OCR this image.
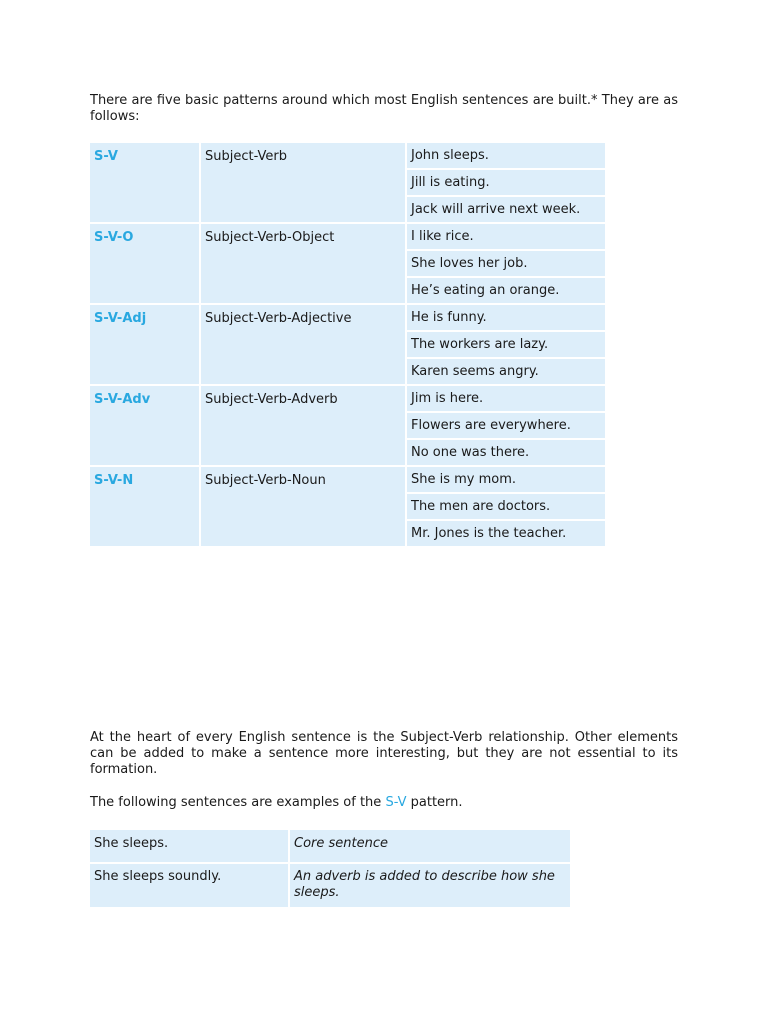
There are five basic patterns around which most English sentences are built.* They are as follows:

S-V	Subject-Verb	John sleeps.
Jill is eating.
Jack will arrive next week.

S-V-O	Subject-Verb-Object	I like rice.
She loves her job.
He’s eating an orange.

S-V-Adj	Subject-Verb-Adjective	He is funny.
The workers are lazy.
Karen seems angry.

S-V-Adv	Subject-Verb-Adverb	Jim is here.
Flowers are everywhere.
No one was there.

S-V-N	Subject-Verb-Noun	She is my mom.
The men are doctors.
Mr. Jones is the teacher.

At the heart of every English sentence is the Subject-Verb relationship. Other elements can be added to make a sentence more interesting, but they are not essential to its formation.

The following sentences are examples of the S-V pattern.

She sleeps.	Core sentence
She sleeps soundly.	An adverb is added to describe how she sleeps.
